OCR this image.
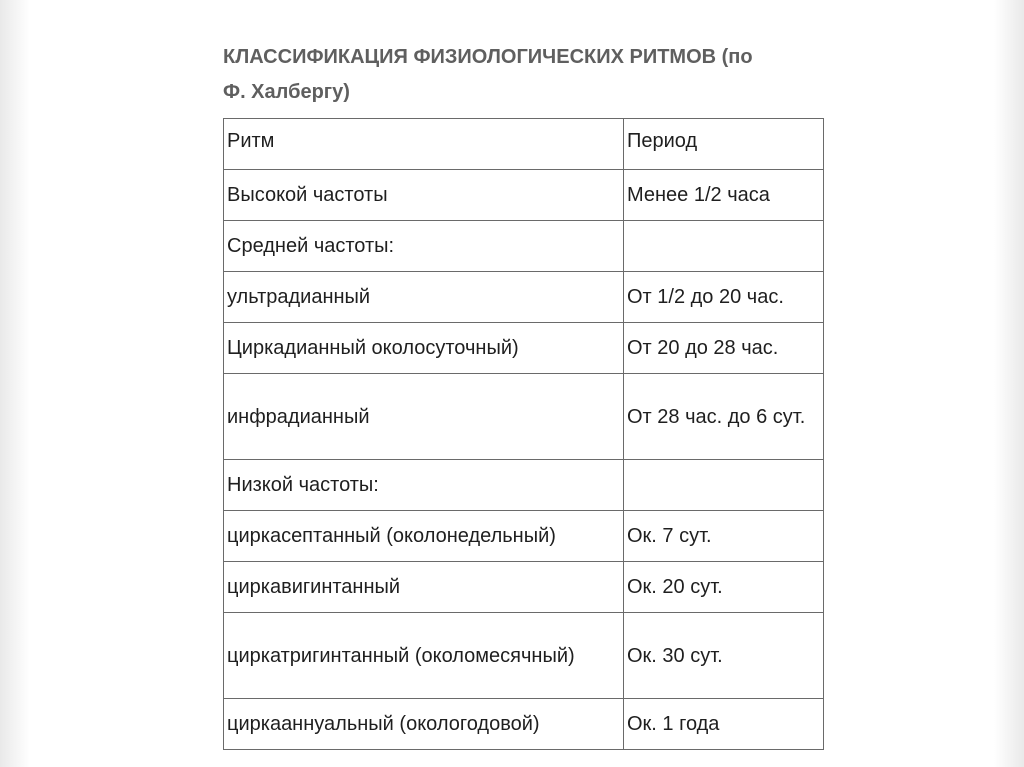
КЛАССИФИКАЦИЯ ФИЗИОЛОГИЧЕСКИХ РИТМОВ (по
Ф. Халбергу)
Ритм	Период
Высокой частоты	Менее 1/2 часа
Средней частоты:	
ультрадианный	От 1/2 до 20 час.
Циркадианный околосуточный)	От 20 до 28 час.
инфрадианный	От 28 час. до 6 сут.
Низкой частоты:	
циркасептанный (околонедельный)	Ок. 7 сут.
циркавигинтанный	Ок. 20 сут.
циркатригинтанный (околомесячный)	Ок. 30 сут.
циркааннуальный (окологодовой)	Ок. 1 года
